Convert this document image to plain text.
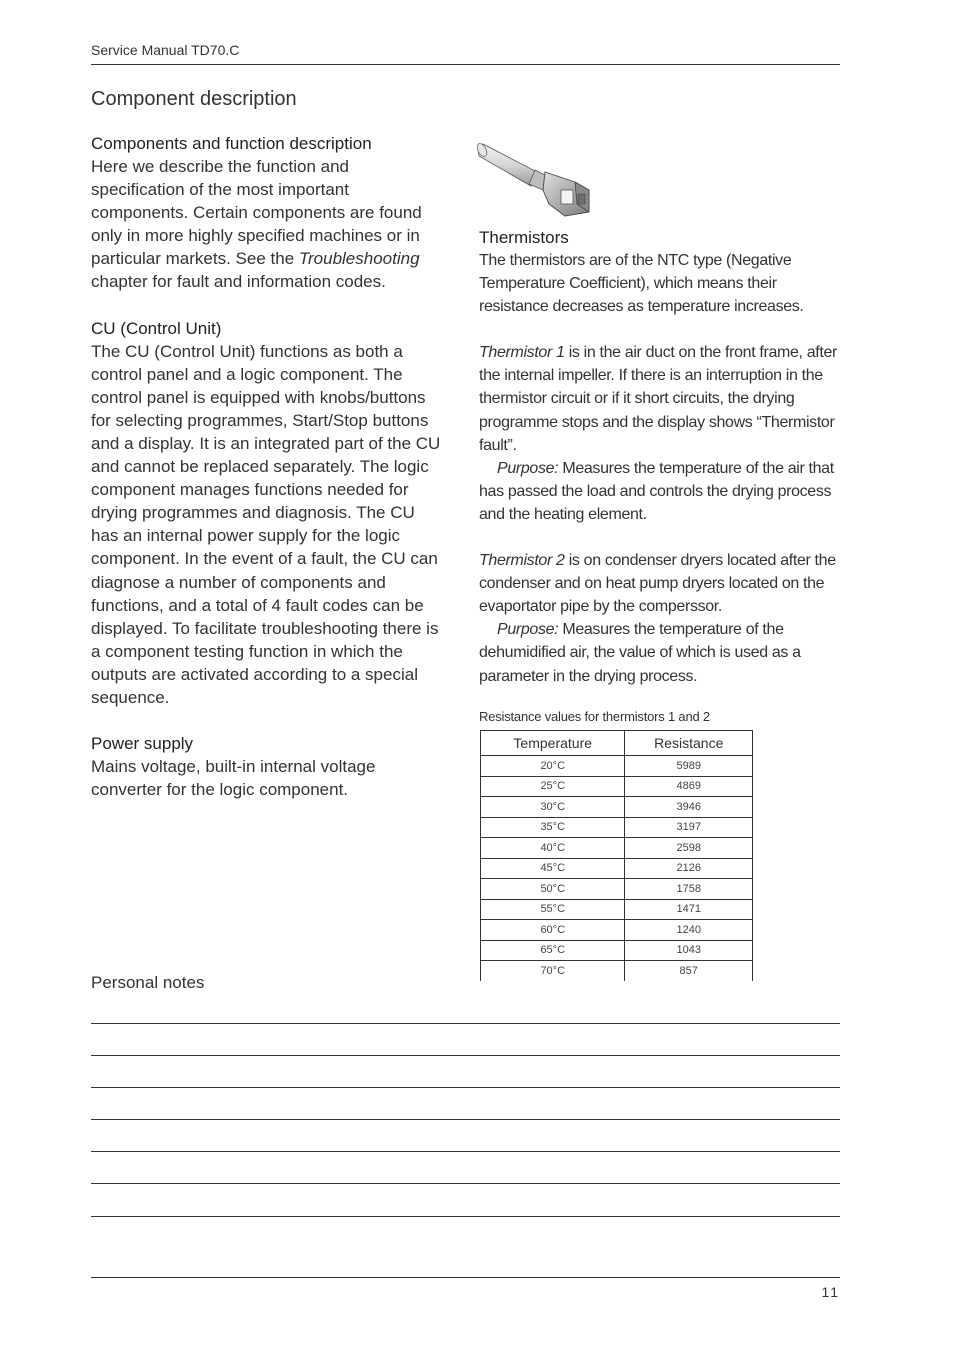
Service Manual TD70.C
Component description
Components and function description

Here we describe the function and specification of the most important components. Certain components are found only in more highly specified machines or in particular markets. See the Troubleshooting chapter for fault and information codes.

CU (Control Unit)

The CU (Control Unit) functions as both a control panel and a logic component. The control panel is equipped with knobs/buttons for selecting programmes, Start/Stop buttons and a display. It is an integrated part of the CU and cannot be replaced separately. The logic component manages functions needed for drying programmes and diagnosis. The CU has an internal power supply for the logic component. In the event of a fault, the CU can diagnose a number of components and functions, and a total of 4 fault codes can be displayed. To facilitate troubleshooting there is a component testing function in which the outputs are activated according to a special sequence.

Power supply

Mains voltage, built-in internal voltage converter for the logic component.

Thermistors

The thermistors are of the NTC type (Negative Temperature Coefficient), which means their resistance decreases as temperature increases.

Thermistor 1 is in the air duct on the front frame, after the internal impeller. If there is an interruption in the thermistor circuit or if it short circuits, the drying programme stops and the display shows “Thermistor fault”.

Purpose: Measures the temperature of the air that has passed the load and controls the drying process and the heating element.

Thermistor 2 is on condenser dryers located after the condenser and on heat pump dryers located on the evaportator pipe by the comperssor.

Purpose: Measures the temperature of the dehumidified air, the value of which is used as a parameter in the drying process.

Resistance values for thermistors 1 and 2
Temperature	Resistance
20°C	5989
25°C	4869
30°C	3946
35°C	3197
40°C	2598
45°C	2126
50°C	1758
55°C	1471
60°C	1240
65°C	1043
70°C	857
Personal notes
11
